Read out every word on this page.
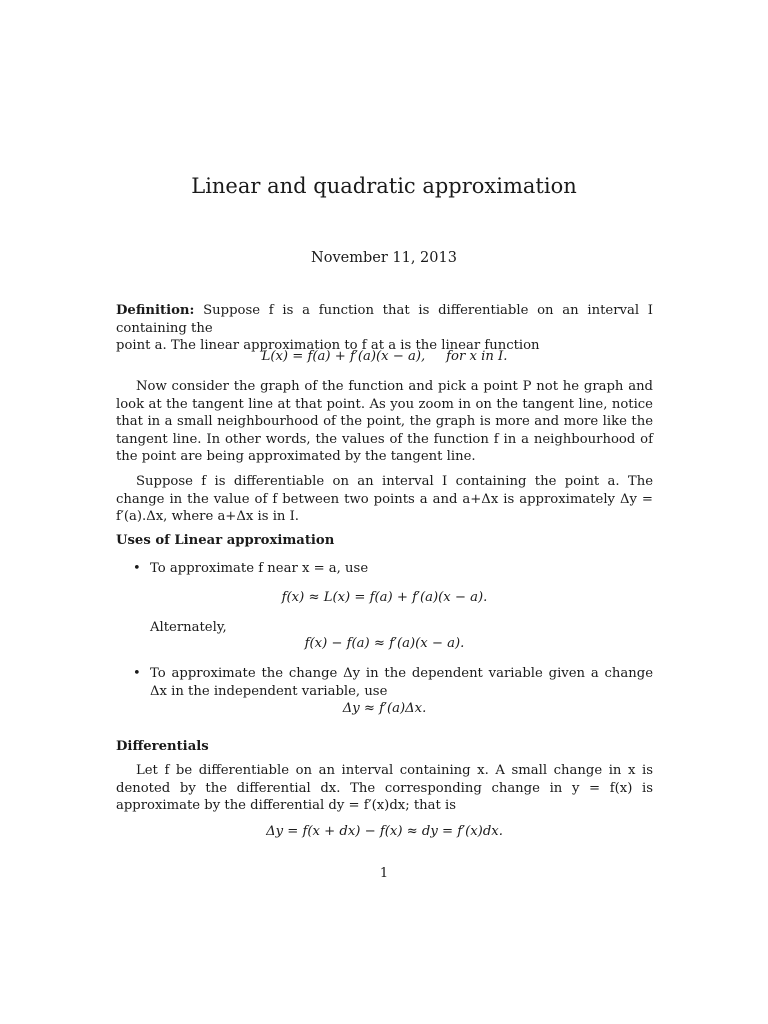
Linear and quadratic approximation
November 11, 2013

Definition: Suppose f is a function that is differentiable on an interval I containing the
point a. The linear approximation to f at a is the linear function

L(x) = f(a) + f′(a)(x − a),     for x in I.

Now consider the graph of the function and pick a point P not he graph and look at the tangent line at that point. As you zoom in on the tangent line, notice that in a small neighbourhood of the point, the graph is more and more like the tangent line. In other words, the values of the function f in a neighbourhood of the point are being approximated by the tangent line.

Suppose f is differentiable on an interval I containing the point a. The change in the value of f between two points a and a+Δx is approximately Δy = f′(a).Δx, where a+Δx is in I.

Uses of Linear approximation
• To approximate f near x = a, use
f(x) ≈ L(x) = f(a) + f′(a)(x − a).
Alternately,
f(x) − f(a) ≈ f′(a)(x − a).
• To approximate the change Δy in the dependent variable given a change Δx in the independent variable, use
Δy ≈ f′(a)Δx.
Differentials

Let f be differentiable on an interval containing x. A small change in x is denoted by the differential dx. The corresponding change in y = f(x) is approximate by the differential dy = f′(x)dx; that is

Δy = f(x + dx) − f(x) ≈ dy = f′(x)dx.
1
